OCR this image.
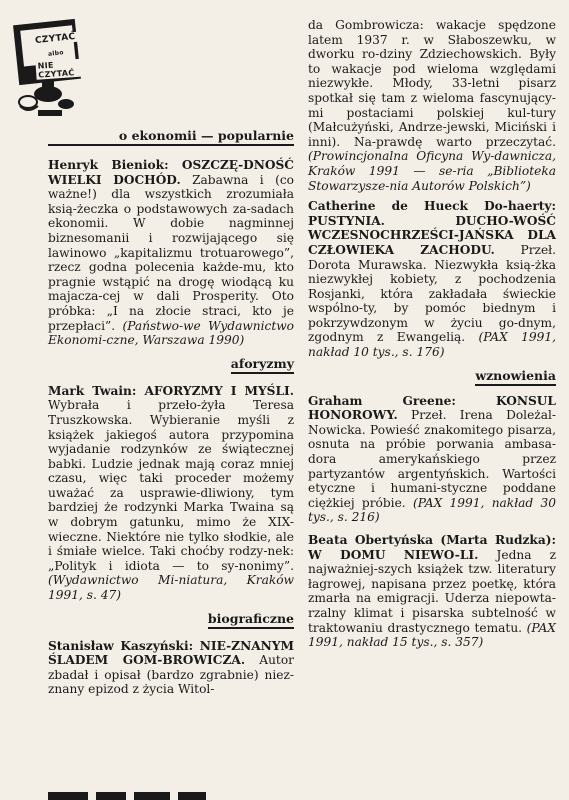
CZYTAĆ
albo
NIE CZYTAĆ
o ekonomii — popularnie

Henryk Bieniok: OSZCZĘ-DNOŚĆ WIELKI DOCHÓD. Zabawna i (co ważne!) dla wszystkich zrozumiała ksią-żeczka o podstawowych za-sadach ekonomii. W dobie nagminnej biznesomanii i rozwijającego się lawinowo „kapitalizmu trotuarowego”, rzecz godna polecenia każde-mu, kto pragnie wstąpić na drogę wiodącą ku majacza-cej w dali Prosperity. Oto próbka: „I na złocie straci, kto je przepłaci”. (Państwo-we Wydawnictwo Ekonomi-czne, Warszawa 1990)

aforyzmy

Mark Twain: AFORYZMY I MYŚLI. Wybrała i przeło-żyła Teresa Truszkowska. Wybieranie myśli z książek jakiegoś autora przypomina wyjadanie rodzynków ze świątecznej babki. Ludzie jednak mają coraz mniej czasu, więc taki proceder możemy uważać za usprawie-dliwiony, tym bardziej że rodzynki Marka Twaina są w dobrym gatunku, mimo że XIX-wieczne. Niektóre nie tylko słodkie, ale i śmiałe wielce. Taki choćby rodzy-nek: „Polityk i idiota — to sy-nonimy”. (Wydawnictwo Mi-niatura, Kraków 1991, s. 47)

biograficzne

Stanisław Kaszyński: NIE-ZNANYM ŚLADEM GOM-BROWICZA. Autor zbadał i opisał (bardzo zgrabnie) niez-znany epizod z życia Witol-

da Gombrowicza: wakacje spędzone latem 1937 r. w Słaboszewku, w dworku ro-dziny Zdziechowskich. Były to wakacje pod wieloma względami niezwykłe. Młody, 33-letni pisarz spotkał się tam z wieloma fascynujący-mi postaciami polskiej kul-tury (Małcużyński, Andrze-jewski, Miciński i inni). Na-prawdę warto przeczytać. (Prowincjonalna Oficyna Wy-dawnicza, Kraków 1991 — se-ria „Biblioteka Stowarzysze-nia Autorów Polskich”)

Catherine de Hueck Do-haerty: PUSTYNIA. DUCHO-WOŚĆ WCZESNOCHRZEŚCI-JAŃSKA DLA CZŁOWIEKA ZACHODU. Przeł. Dorota Murawska. Niezwykła ksią-żka niezwykłej kobiety, z pochodzenia Rosjanki, która zakładała świeckie wspólno-ty, by pomóc biednym i pokrzywdzonym w życiu go-dnym, zgodnym z Ewangelią. (PAX 1991, nakład 10 tys., s. 176)

wznowienia

Graham Greene: KONSUL HONOROWY. Przeł. Irena Doleżal-Nowicka. Powieść znakomitego pisarza, osnuta na próbie porwania ambasa-dora amerykańskiego przez partyzantów argentyńskich. Wartości etyczne i humani-styczne poddane ciężkiej próbie. (PAX 1991, nakład 30 tys., s. 216)

Beata Obertyńska (Marta Rudzka): W DOMU NIEWO-LI. Jedna z najważniej-szych książek tzw. literatury łagrowej, napisana przez poetkę, która zmarła na emigracji. Uderza niepowta-rzalny klimat i pisarska subtelność w traktowaniu drastycznego tematu. (PAX 1991, nakład 15 tys., s. 357)
